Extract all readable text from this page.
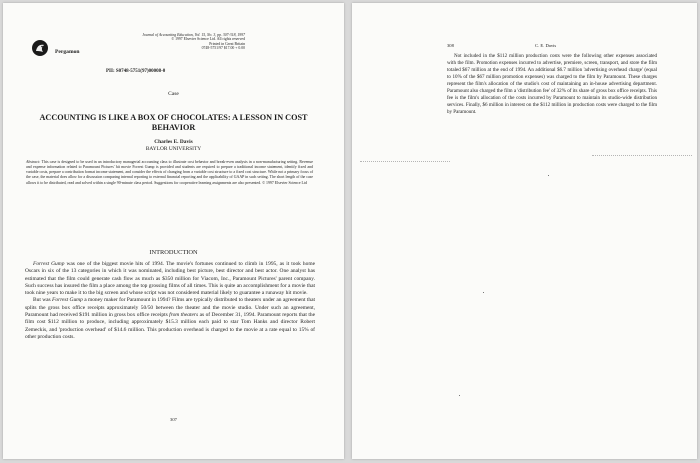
Pergamon
Journal of Accounting Education, Vol. 15, No. 3, pp. 307-318, 1997
© 1997 Elsevier Science Ltd. All rights reserved
Printed in Great Britain
0748-5751/97 $17.00 + 0.00
PII: S0748-5751(97)00008-0
Case
ACCOUNTING IS LIKE A BOX OF CHOCOLATES: A LESSON IN COST BEHAVIOR
Charles E. Davis
BAYLOR UNIVERSITY
Abstract: This case is designed to be used in an introductory managerial accounting class to illustrate cost behavior and break-even analysis in a non-manufacturing setting. Revenue and expense information related to Paramount Pictures' hit movie Forrest Gump is provided and students are required to prepare a traditional income statement, identify fixed and variable costs, prepare a contribution format income statement, and consider the effects of changing from a variable cost structure to a fixed cost structure. While not a primary focus of the case, the material does allow for a discussion comparing internal reporting to external financial reporting and the applicability of GAAP in such setting. The short length of the case allows it to be distributed, read and solved within a single 90-minute class period. Suggestions for cooperative learning assignments are also presented. © 1997 Elsevier Science Ltd
INTRODUCTION

Forrest Gump was one of the biggest movie hits of 1994. The movie's fortunes continued to climb in 1995, as it took home Oscars in six of the 13 categories in which it was nominated, including best picture, best director and best actor. One analyst has estimated that the film could generate cash flow as much as $350 million for Viacom, Inc., Paramount Pictures' parent company. Such success has insured the film a place among the top grossing films of all times. This is quite an accomplishment for a movie that took nine years to make it to the big screen and whose script was not considered material likely to guarantee a runaway hit movie.

But was Forrest Gump a money maker for Paramount in 1994? Films are typically distributed to theaters under an agreement that splits the gross box office receipts approximately 50/50 between the theater and the movie studio. Under such an agreement, Paramount had received $191 million in gross box office receipts from theaters as of December 31, 1994. Paramount reports that the film cost $112 million to produce, including approximately $15.3 million each paid to star Tom Hanks and director Robert Zemeckis, and 'production overhead' of $14.6 million. This production overhead is charged to the movie at a rate equal to 15% of other production costs.

307
308	C. E. Davis

Not included in the $112 million production costs were the following other expenses associated with the film. Promotion expenses incurred to advertise, premiere, screen, transport, and store the film totaled $67 million at the end of 1994. An additional $6.7 million 'advertising overhead charge' (equal to 10% of the $67 million promotion expenses) was charged to the film by Paramount. These charges represent the film's allocation of the studio's cost of maintaining an in-house advertising department. Paramount also charged the film a 'distribution fee' of 32% of its share of gross box office receipts. This fee is the film's allocation of the costs incurred by Paramount to maintain its studio-wide distribution services. Finally, $6 million in interest on the $112 million in production costs were charged to the film by Paramount.
